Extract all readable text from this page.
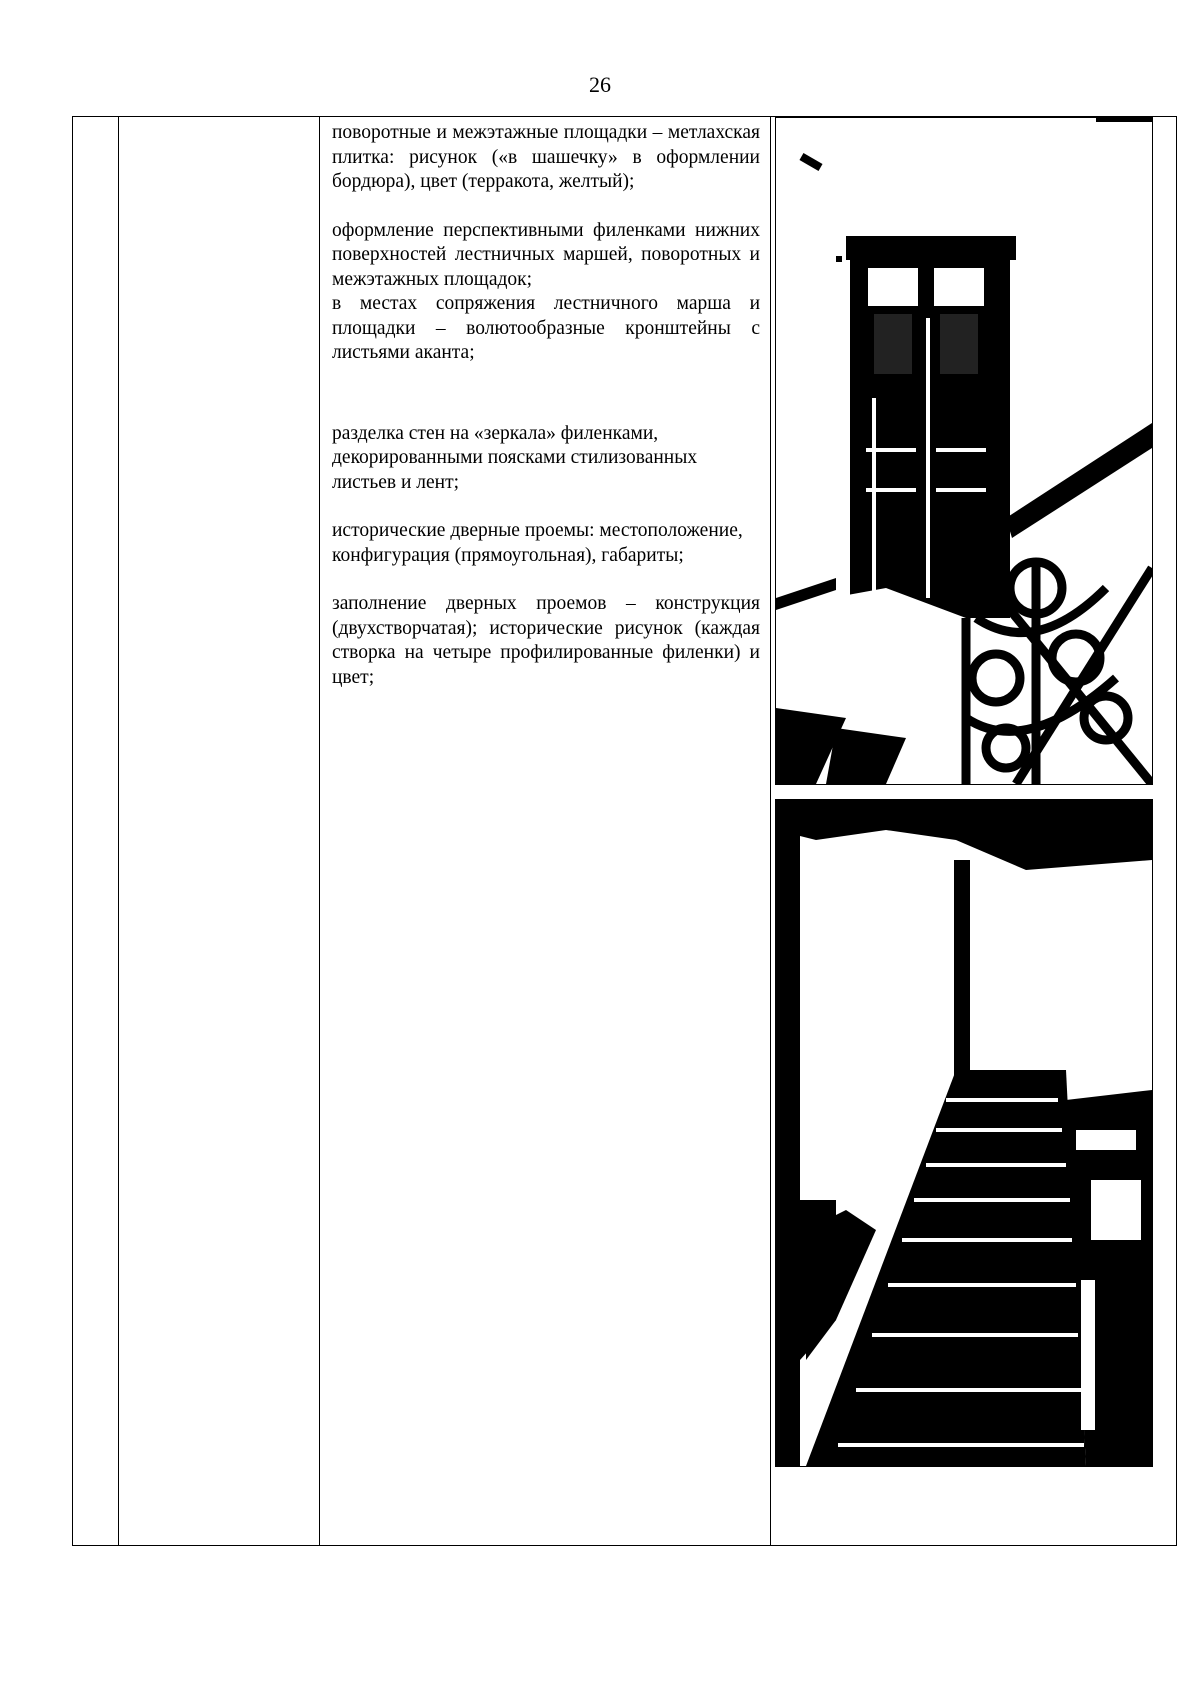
26

поворотные и межэтажные площадки – метлахская плитка: рисунок («в шашечку» в оформлении бордюра), цвет (терракота, желтый);

оформление перспективными филенками нижних поверхностей лестничных маршей, поворотных и межэтажных площадок;

в местах сопряжения лестничного марша и площадки – волютообразные кронштейны с листьями аканта;

разделка стен на «зеркала» филенками, декорированными поясками стилизованных листьев и лент;

исторические дверные проемы: местоположение, конфигурация (прямоугольная), габариты;

заполнение дверных проемов – конструкция (двухстворчатая); исторические рисунок (каждая створка на четыре профилированные филенки) и цвет;
